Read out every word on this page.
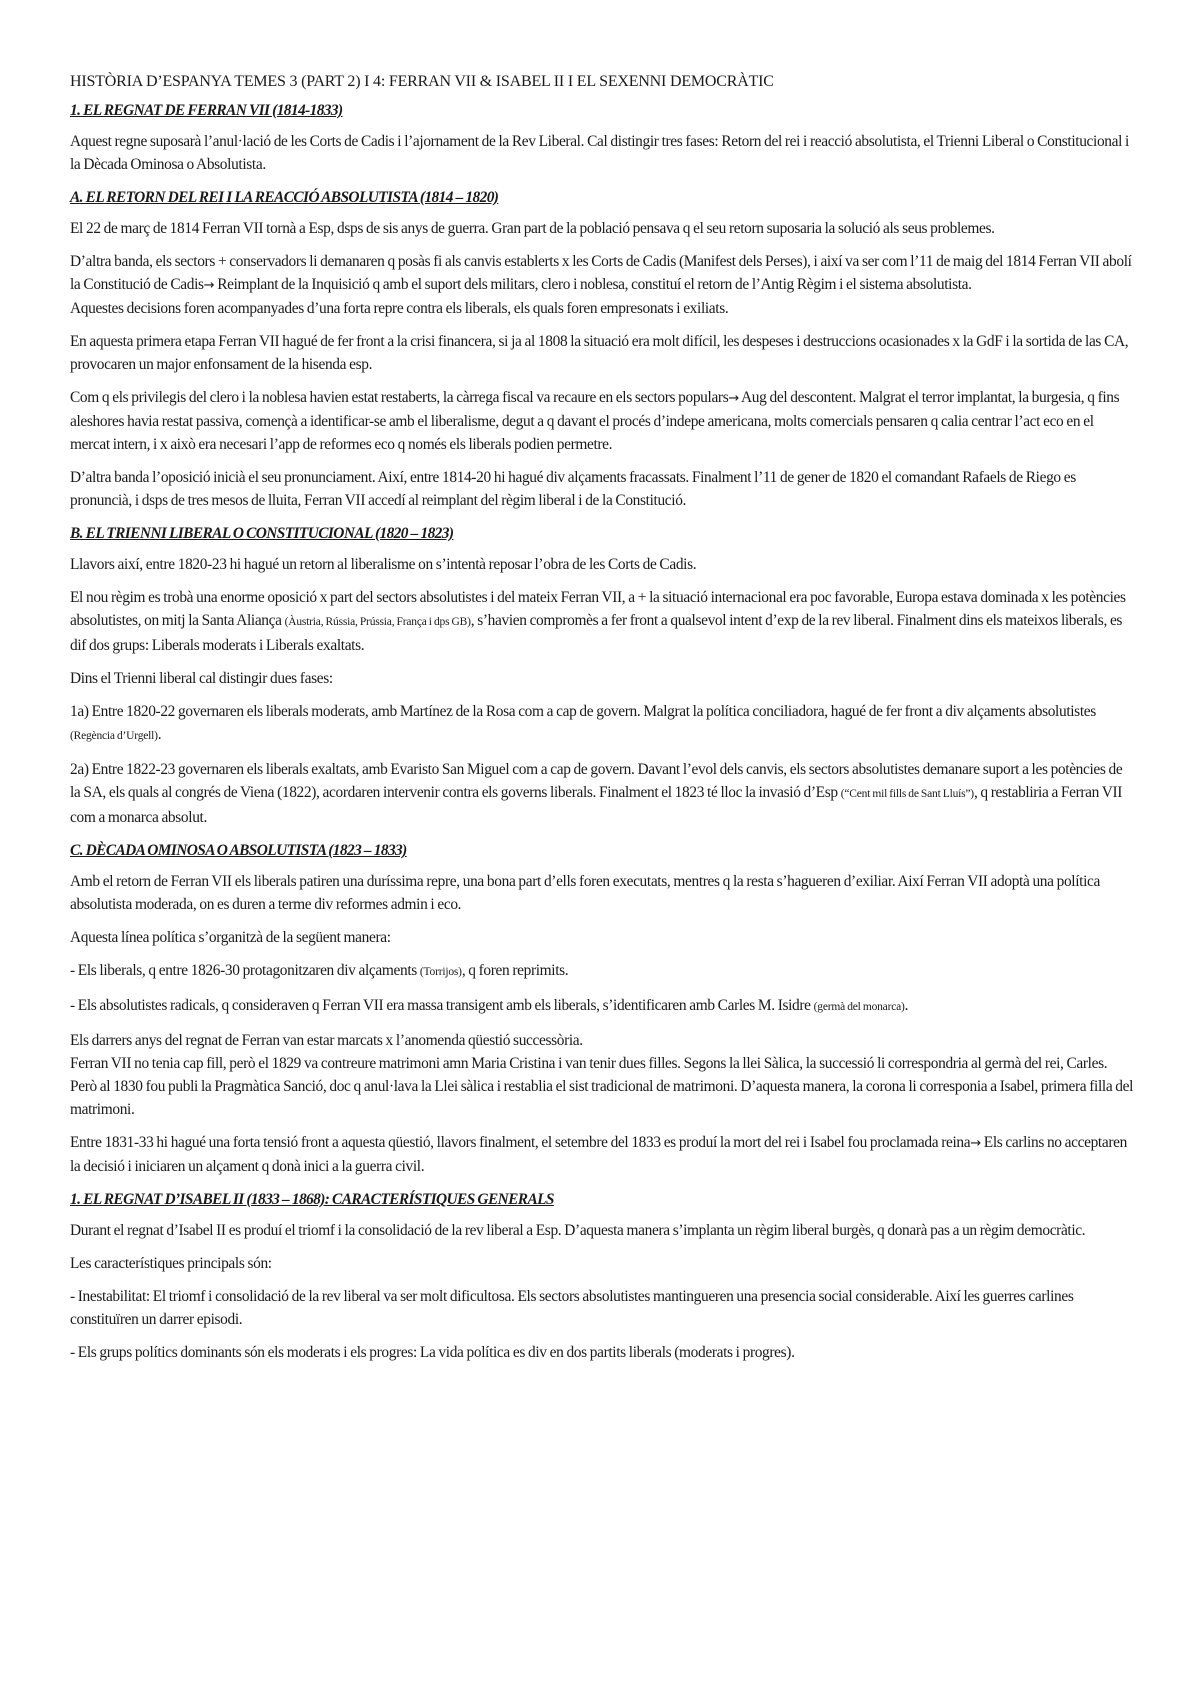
HISTÒRIA D’ESPANYA TEMES 3 (PART 2) I 4: FERRAN VII & ISABEL II I EL SEXENNI DEMOCRÀTIC
1. EL REGNAT DE FERRAN VII (1814-1833)

Aquest regne suposarà l’anul·lació de les Corts de Cadis i l’ajornament de la Rev Liberal. Cal distingir tres fases: Retorn del rei i reacció absolutista, el Trienni Liberal o Constitucional i la Dècada Ominosa o Absolutista.

A. EL RETORN DEL REI I LA REACCIÓ ABSOLUTISTA (1814 – 1820)

El 22 de març de 1814 Ferran VII tornà a Esp, dsps de sis anys de guerra. Gran part de la població pensava q el seu retorn suposaria la solució als seus problemes.

D’altra banda, els sectors + conservadors li demanaren q posàs fi als canvis establerts x les Corts de Cadis (Manifest dels Perses), i així va ser com l’11 de maig del 1814 Ferran VII abolí la Constitució de Cadis→ Reimplant de la Inquisició q amb el suport dels militars, clero i noblesa, constituí el retorn de l’Antig Règim i el sistema absolutista.

Aquestes decisions foren acompanyades d’una forta repre contra els liberals, els quals foren empresonats i exiliats.

En aquesta primera etapa Ferran VII hagué de fer front a la crisi financera, si ja al 1808 la situació era molt difícil, les despeses i destruccions ocasionades x la GdF i la sortida de las CA, provocaren un major enfonsament de la hisenda esp.

Com q els privilegis del clero i la noblesa havien estat restaberts, la càrrega fiscal va recaure en els sectors populars→ Aug del descontent. Malgrat el terror implantat, la burgesia, q fins aleshores havia restat passiva, començà a identificar-se amb el liberalisme, degut a q davant el procés d’indepe americana, molts comercials pensaren q calia centrar l’act eco en el mercat intern, i x això era necesari l’app de reformes eco q només els liberals podien permetre.

D’altra banda l’oposició inicià el seu pronunciament. Així, entre 1814-20 hi hagué div alçaments fracassats. Finalment l’11 de gener de 1820 el comandant Rafaels de Riego es pronuncià, i dsps de tres mesos de lluita, Ferran VII accedí al reimplant del règim liberal i de la Constitució.

B. EL TRIENNI LIBERAL O CONSTITUCIONAL (1820 – 1823)

Llavors així, entre 1820-23 hi hagué un retorn al liberalisme on s’intentà reposar l’obra de les Corts de Cadis.

El nou règim es trobà una enorme oposició x part del sectors absolutistes i del mateix Ferran VII, a + la situació internacional era poc favorable, Europa estava dominada x les potències absolutistes, on mitj la Santa Aliança (Àustria, Rússia, Prússia, França i dps GB), s’havien compromès a fer front a qualsevol intent d’exp de la rev liberal. Finalment dins els mateixos liberals, es dif dos grups: Liberals moderats i Liberals exaltats.

Dins el Trienni liberal cal distingir dues fases:

1a) Entre 1820-22 governaren els liberals moderats, amb Martínez de la Rosa com a cap de govern. Malgrat la política conciliadora, hagué de fer front a div alçaments absolutistes (Regència d’Urgell).

2a) Entre 1822-23 governaren els liberals exaltats, amb Evaristo San Miguel com a cap de govern. Davant l’evol dels canvis, els sectors absolutistes demanare suport a les potències de la SA, els quals al congrés de Viena (1822), acordaren intervenir contra els governs liberals. Finalment el 1823 té lloc la invasió d’Esp (“Cent mil fills de Sant Lluís”), q restabliria a Ferran VII com a monarca absolut.

C. DÈCADA OMINOSA O ABSOLUTISTA (1823 – 1833)

Amb el retorn de Ferran VII els liberals patiren una duríssima repre, una bona part d’ells foren executats, mentres q la resta s’hagueren d’exiliar. Així Ferran VII adoptà una política absolutista moderada, on es duren a terme div reformes admin i eco.

Aquesta línea política s’organitzà de la següent manera:

- Els liberals, q entre 1826-30 protagonitzaren div alçaments (Torrijos), q foren reprimits.

- Els absolutistes radicals, q consideraven q Ferran VII era massa transigent amb els liberals, s’identificaren amb Carles M. Isidre (germà del monarca).

Els darrers anys del regnat de Ferran van estar marcats x l’anomenda qüestió successòria.

Ferran VII no tenia cap fill, però el 1829 va contreure matrimoni amn Maria Cristina i van tenir dues filles. Segons la llei Sàlica, la successió li correspondria al germà del rei, Carles. Però al 1830 fou publi la Pragmàtica Sanció, doc q anul·lava la Llei sàlica i restablia el sist tradicional de matrimoni. D’aquesta manera, la corona li corresponia a Isabel, primera filla del matrimoni.

Entre 1831-33 hi hagué una forta tensió front a aquesta qüestió, llavors finalment, el setembre del 1833 es produí la mort del rei i Isabel fou proclamada reina→ Els carlins no acceptaren la decisió i iniciaren un alçament q donà inici a la guerra civil.

1. EL REGNAT D’ISABEL II (1833 – 1868): CARACTERÍSTIQUES GENERALS

Durant el regnat d’Isabel II es produí el triomf i la consolidació de la rev liberal a Esp. D’aquesta manera s’implanta un règim liberal burgès, q donarà pas a un règim democràtic.

Les característiques principals són:

- Inestabilitat: El triomf i consolidació de la rev liberal va ser molt dificultosa. Els sectors absolutistes mantingueren una presencia social considerable. Així les guerres carlines constituïren un darrer episodi.

- Els grups polítics dominants són els moderats i els progres: La vida política es div en dos partits liberals (moderats i progres).
